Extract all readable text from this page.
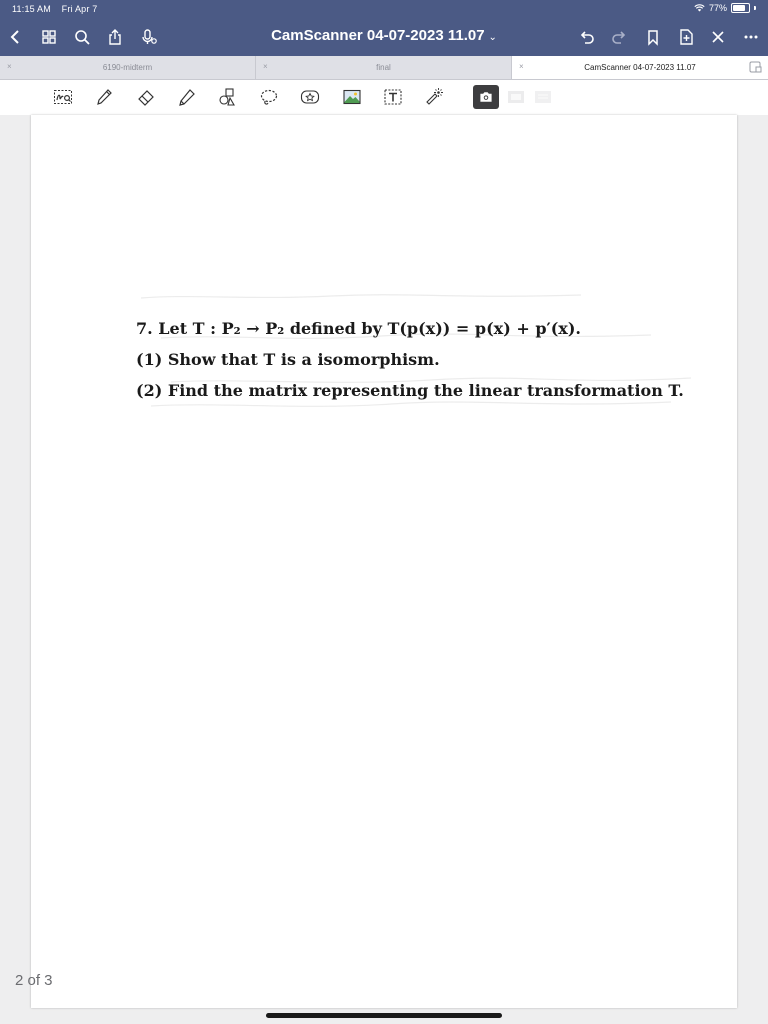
11:15 AM Fri Apr 7	77%
CamScanner 04-07-2023 11.07 ⌄
×	6190-midterm	×	final	×	CamScanner 04-07-2023 11.07
7. Let T : P₂ → P₂ defined by T(p(x)) = p(x) + p′(x).
(1) Show that T is a isomorphism.
(2) Find the matrix representing the linear transformation T.
2 of 3
